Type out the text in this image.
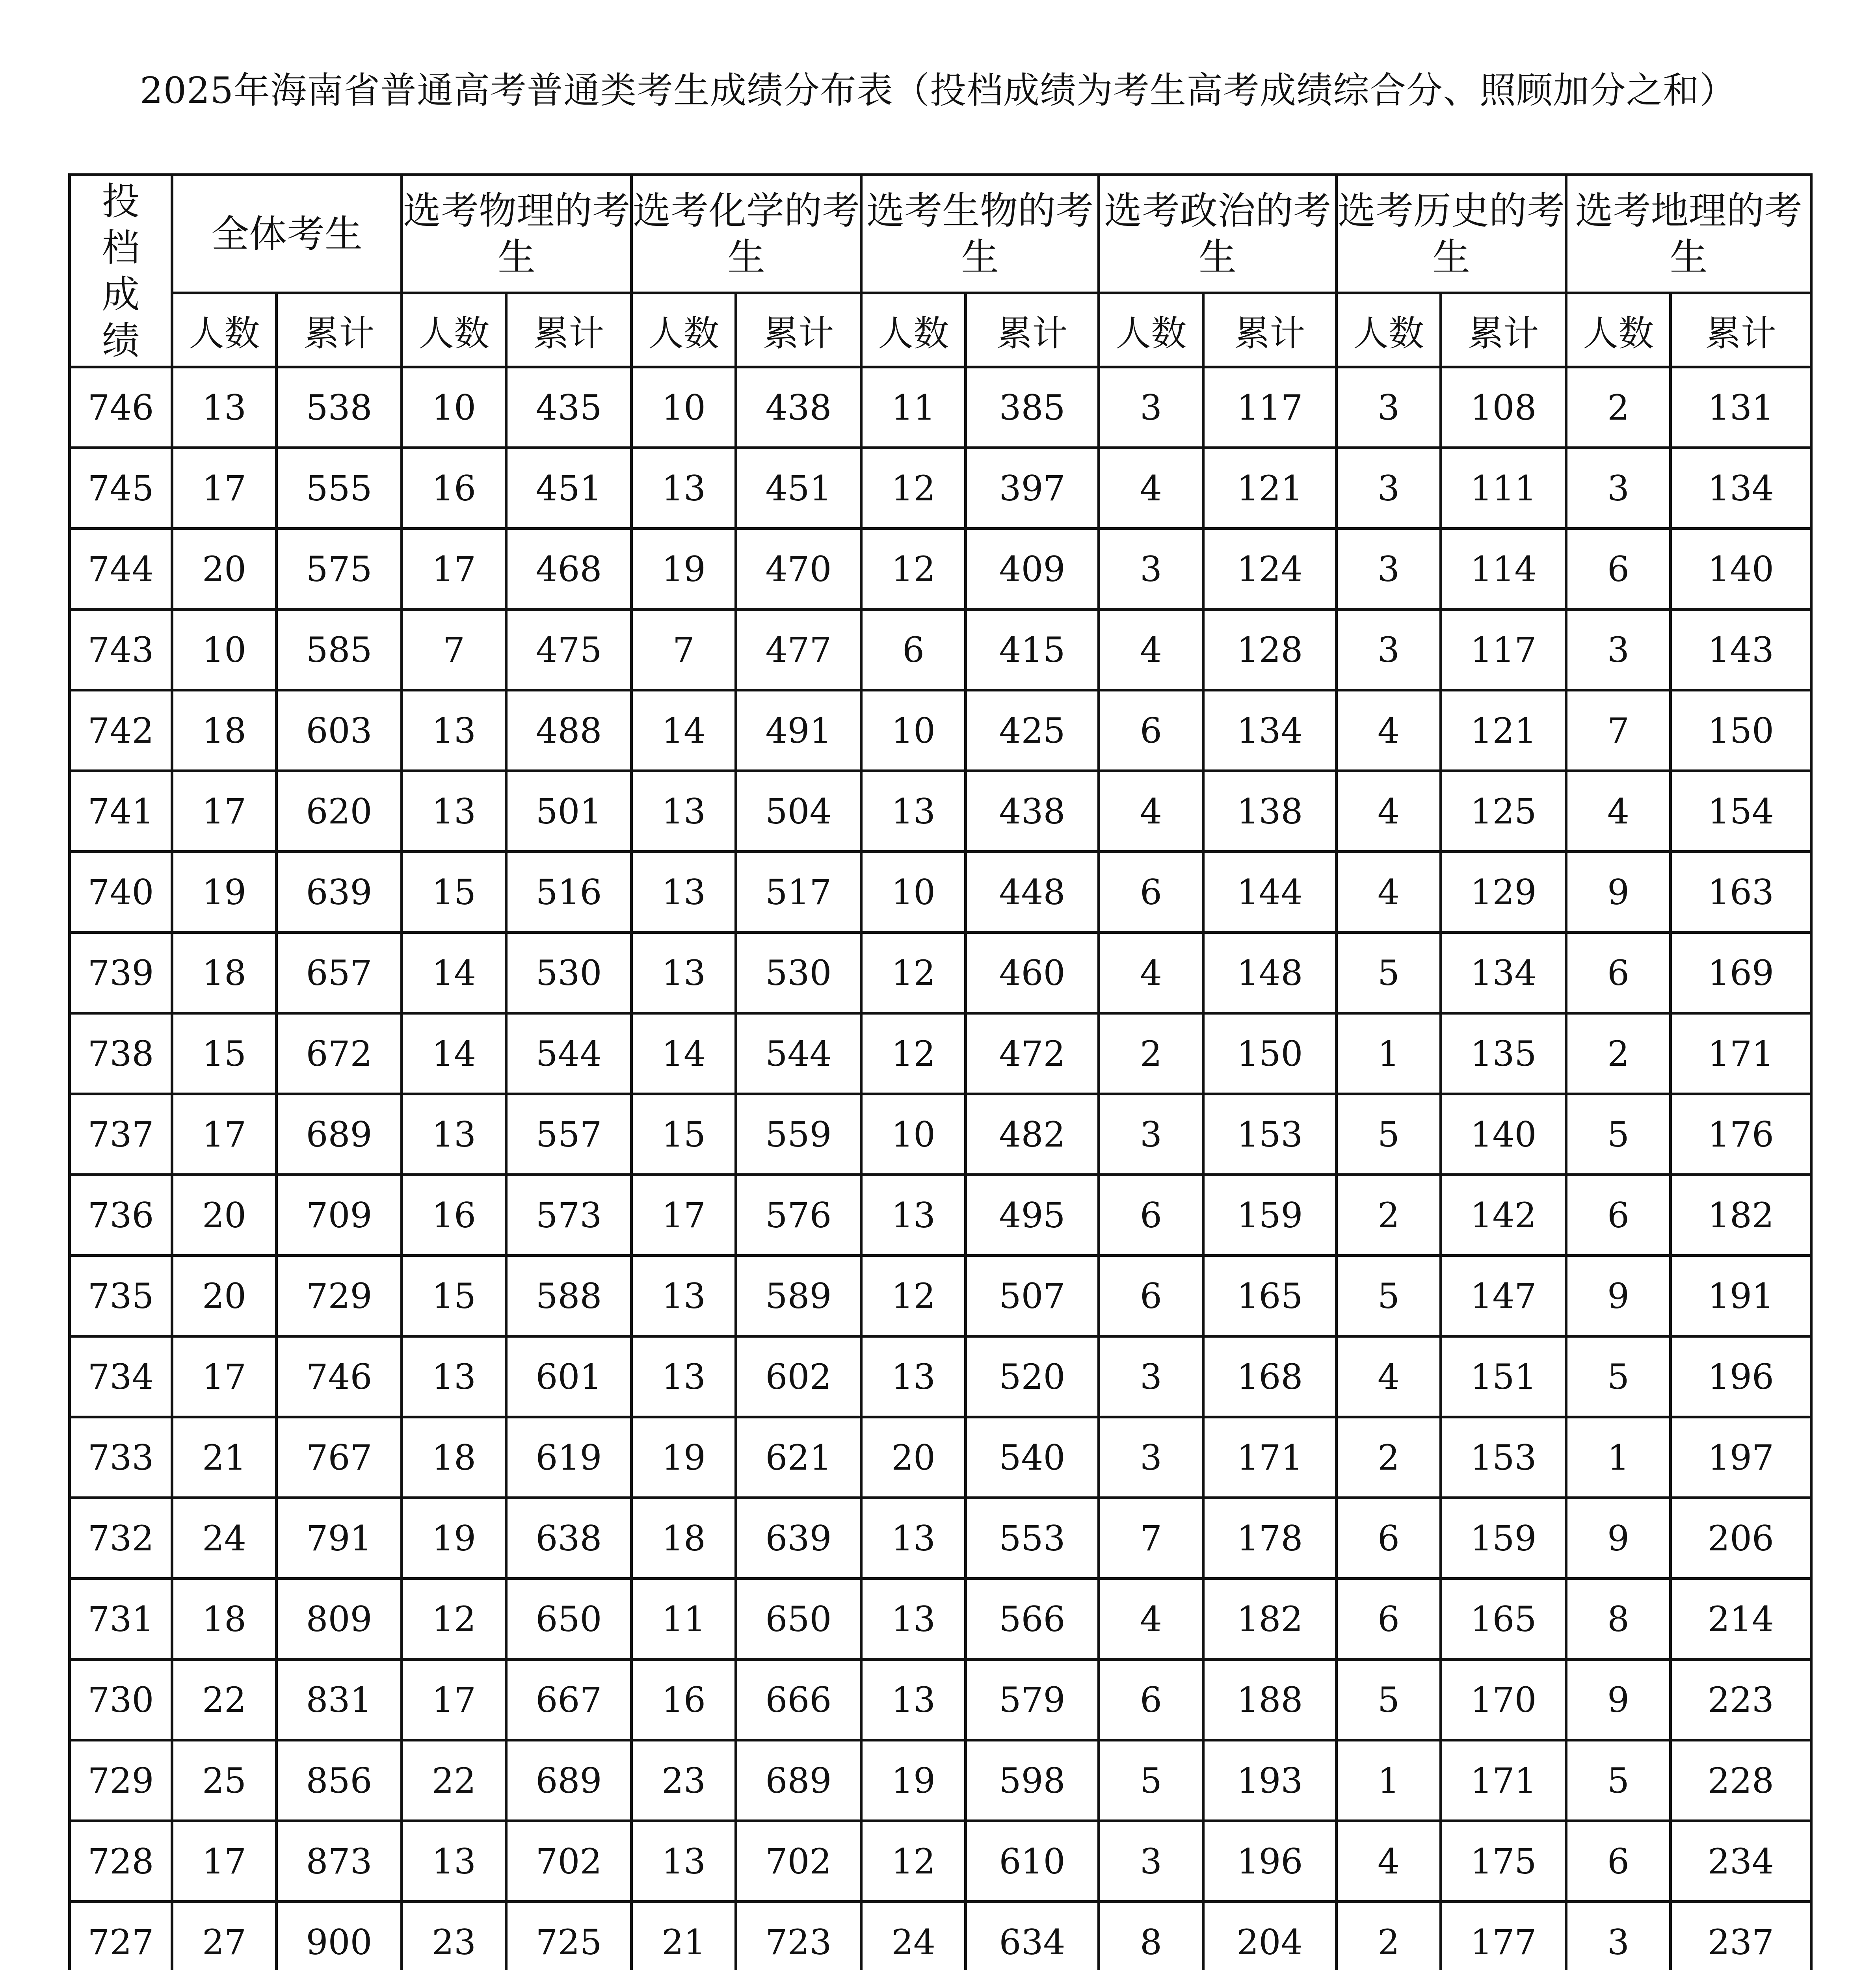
2025年海南省普通高考普通类考生成绩分布表（投档成绩为考生高考成绩综合分、照顾加分之和）
投档成绩	全体考生		选考物理的考生		选考化学的考生		选考生物的考生		选考政治的考生		选考历史的考生		选考地理的考生	
	人数	累计	人数	累计	人数	累计	人数	累计	人数	累计	人数	累计	人数	累计
746	13	538	10	435	10	438	11	385	3	117	3	108	2	131
745	17	555	16	451	13	451	12	397	4	121	3	111	3	134
744	20	575	17	468	19	470	12	409	3	124	3	114	6	140
743	10	585	7	475	7	477	6	415	4	128	3	117	3	143
742	18	603	13	488	14	491	10	425	6	134	4	121	7	150
741	17	620	13	501	13	504	13	438	4	138	4	125	4	154
740	19	639	15	516	13	517	10	448	6	144	4	129	9	163
739	18	657	14	530	13	530	12	460	4	148	5	134	6	169
738	15	672	14	544	14	544	12	472	2	150	1	135	2	171
737	17	689	13	557	15	559	10	482	3	153	5	140	5	176
736	20	709	16	573	17	576	13	495	6	159	2	142	6	182
735	20	729	15	588	13	589	12	507	6	165	5	147	9	191
734	17	746	13	601	13	602	13	520	3	168	4	151	5	196
733	21	767	18	619	19	621	20	540	3	171	2	153	1	197
732	24	791	19	638	18	639	13	553	7	178	6	159	9	206
731	18	809	12	650	11	650	13	566	4	182	6	165	8	214
730	22	831	17	667	16	666	13	579	6	188	5	170	9	223
729	25	856	22	689	23	689	19	598	5	193	1	171	5	228
728	17	873	13	702	13	702	12	610	3	196	4	175	6	234
727	27	900	23	725	21	723	24	634	8	204	2	177	3	237
